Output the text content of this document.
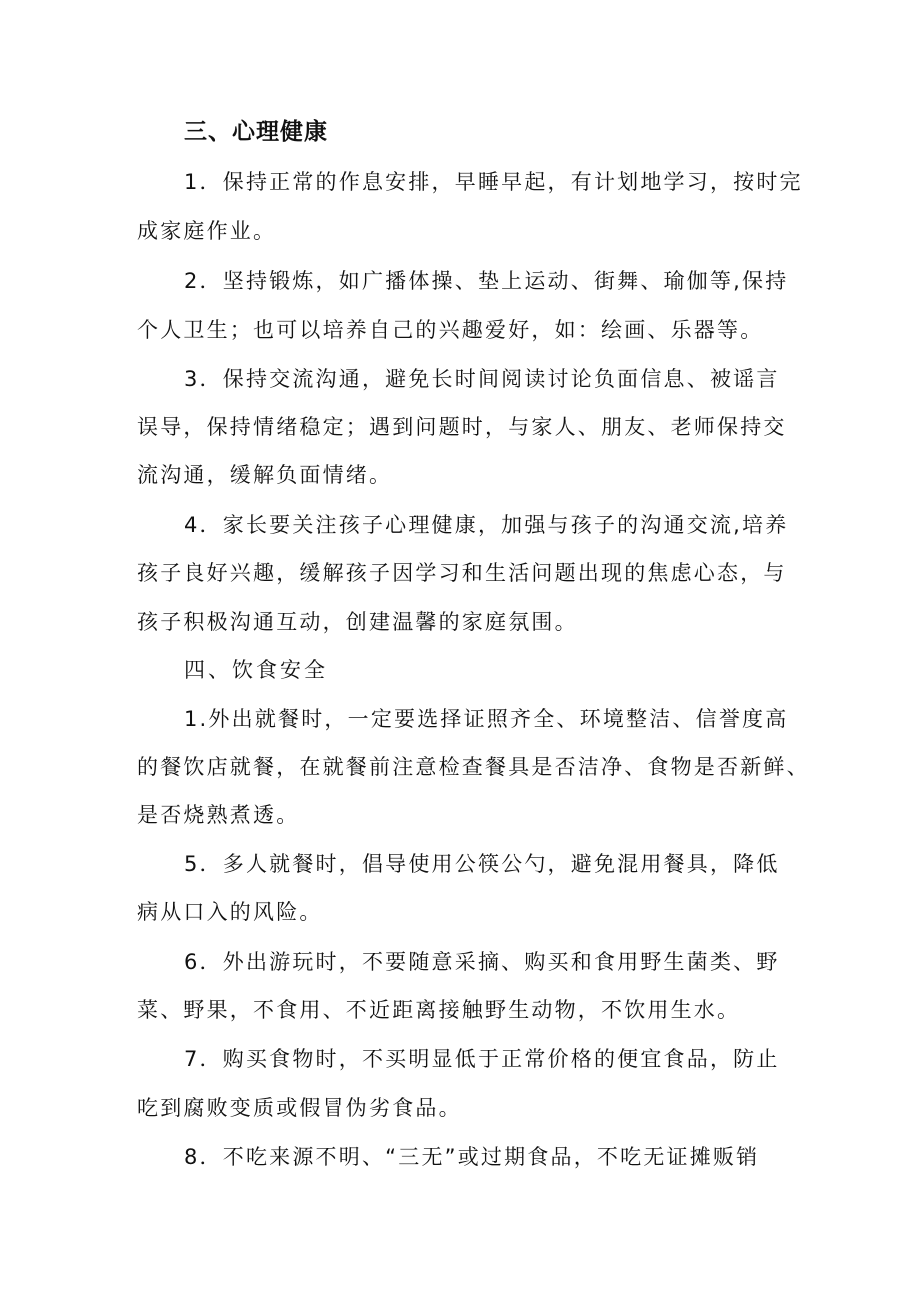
三、心理健康
1．保持正常的作息安排，早睡早起，有计划地学习，按时完
成家庭作业。
2．坚持锻炼，如广播体操、垫上运动、街舞、瑜伽等,保持
个人卫生；也可以培养自己的兴趣爱好，如：绘画、乐器等。
3．保持交流沟通，避免长时间阅读讨论负面信息、被谣言
误导，保持情绪稳定；遇到问题时，与家人、朋友、老师保持交
流沟通，缓解负面情绪。
4．家长要关注孩子心理健康，加强与孩子的沟通交流,培养
孩子良好兴趣，缓解孩子因学习和生活问题出现的焦虑心态，与
孩子积极沟通互动，创建温馨的家庭氛围。
四、饮食安全
1.外出就餐时，一定要选择证照齐全、环境整洁、信誉度高
的餐饮店就餐，在就餐前注意检查餐具是否洁净、食物是否新鲜、
是否烧熟煮透。
5．多人就餐时，倡导使用公筷公勺，避免混用餐具，降低
病从口入的风险。
6．外出游玩时，不要随意采摘、购买和食用野生菌类、野
菜、野果，不食用、不近距离接触野生动物，不饮用生水。
7．购买食物时，不买明显低于正常价格的便宜食品，防止
吃到腐败变质或假冒伪劣食品。
8．不吃来源不明、“三无”或过期食品，不吃无证摊贩销
